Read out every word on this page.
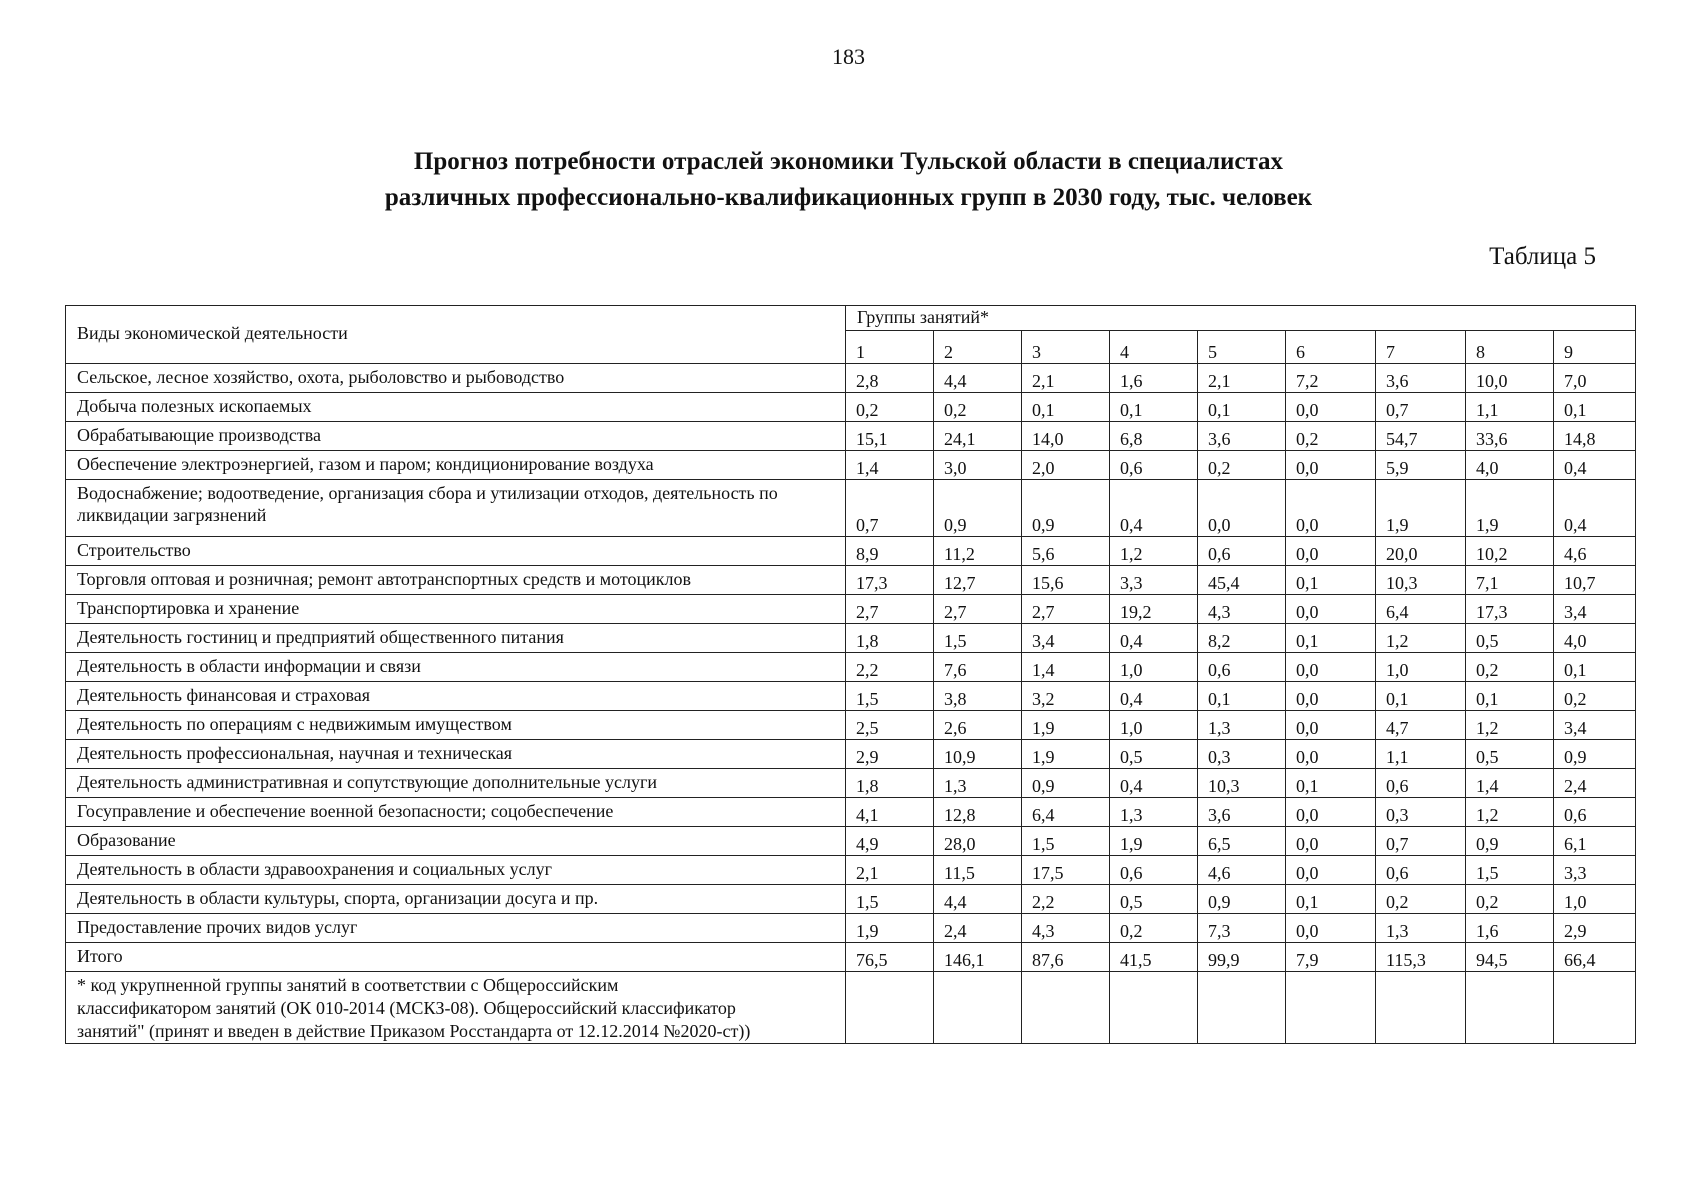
183
Прогноз потребности отраслей экономики Тульской области в специалистах
различных профессионально-квалификационных групп в 2030 году, тыс. человек
Таблица 5
Виды экономической деятельности	Группы занятий*								
	1	2	3	4	5	6	7	8	9
Сельское, лесное хозяйство, охота, рыболовство и рыбоводство	2,8	4,4	2,1	1,6	2,1	7,2	3,6	10,0	7,0
Добыча полезных ископаемых	0,2	0,2	0,1	0,1	0,1	0,0	0,7	1,1	0,1
Обрабатывающие производства	15,1	24,1	14,0	6,8	3,6	0,2	54,7	33,6	14,8
Обеспечение электроэнергией, газом и паром; кондиционирование воздуха	1,4	3,0	2,0	0,6	0,2	0,0	5,9	4,0	0,4
Водоснабжение; водоотведение, организация сбора и утилизации отходов, деятельность по ликвидации загрязнений	0,7	0,9	0,9	0,4	0,0	0,0	1,9	1,9	0,4
Строительство	8,9	11,2	5,6	1,2	0,6	0,0	20,0	10,2	4,6
Торговля оптовая и розничная; ремонт автотранспортных средств и мотоциклов	17,3	12,7	15,6	3,3	45,4	0,1	10,3	7,1	10,7
Транспортировка и хранение	2,7	2,7	2,7	19,2	4,3	0,0	6,4	17,3	3,4
Деятельность гостиниц и предприятий общественного питания	1,8	1,5	3,4	0,4	8,2	0,1	1,2	0,5	4,0
Деятельность в области информации и связи	2,2	7,6	1,4	1,0	0,6	0,0	1,0	0,2	0,1
Деятельность финансовая и страховая	1,5	3,8	3,2	0,4	0,1	0,0	0,1	0,1	0,2
Деятельность по операциям с недвижимым имуществом	2,5	2,6	1,9	1,0	1,3	0,0	4,7	1,2	3,4
Деятельность профессиональная, научная и техническая	2,9	10,9	1,9	0,5	0,3	0,0	1,1	0,5	0,9
Деятельность административная и сопутствующие дополнительные услуги	1,8	1,3	0,9	0,4	10,3	0,1	0,6	1,4	2,4
Госуправление и обеспечение военной безопасности; соцобеспечение	4,1	12,8	6,4	1,3	3,6	0,0	0,3	1,2	0,6
Образование	4,9	28,0	1,5	1,9	6,5	0,0	0,7	0,9	6,1
Деятельность в области здравоохранения и социальных услуг	2,1	11,5	17,5	0,6	4,6	0,0	0,6	1,5	3,3
Деятельность в области культуры, спорта, организации досуга и пр.	1,5	4,4	2,2	0,5	0,9	0,1	0,2	0,2	1,0
Предоставление прочих видов услуг	1,9	2,4	4,3	0,2	7,3	0,0	1,3	1,6	2,9
Итого	76,5	146,1	87,6	41,5	99,9	7,9	115,3	94,5	66,4

* код укрупненной группы занятий в соответствии с Общероссийским
классификатором занятий (ОК 010-2014 (МСКЗ-08). Общероссийский классификатор
занятий" (принят и введен в действие Приказом Росстандарта от 12.12.2014 №2020-ст))									
